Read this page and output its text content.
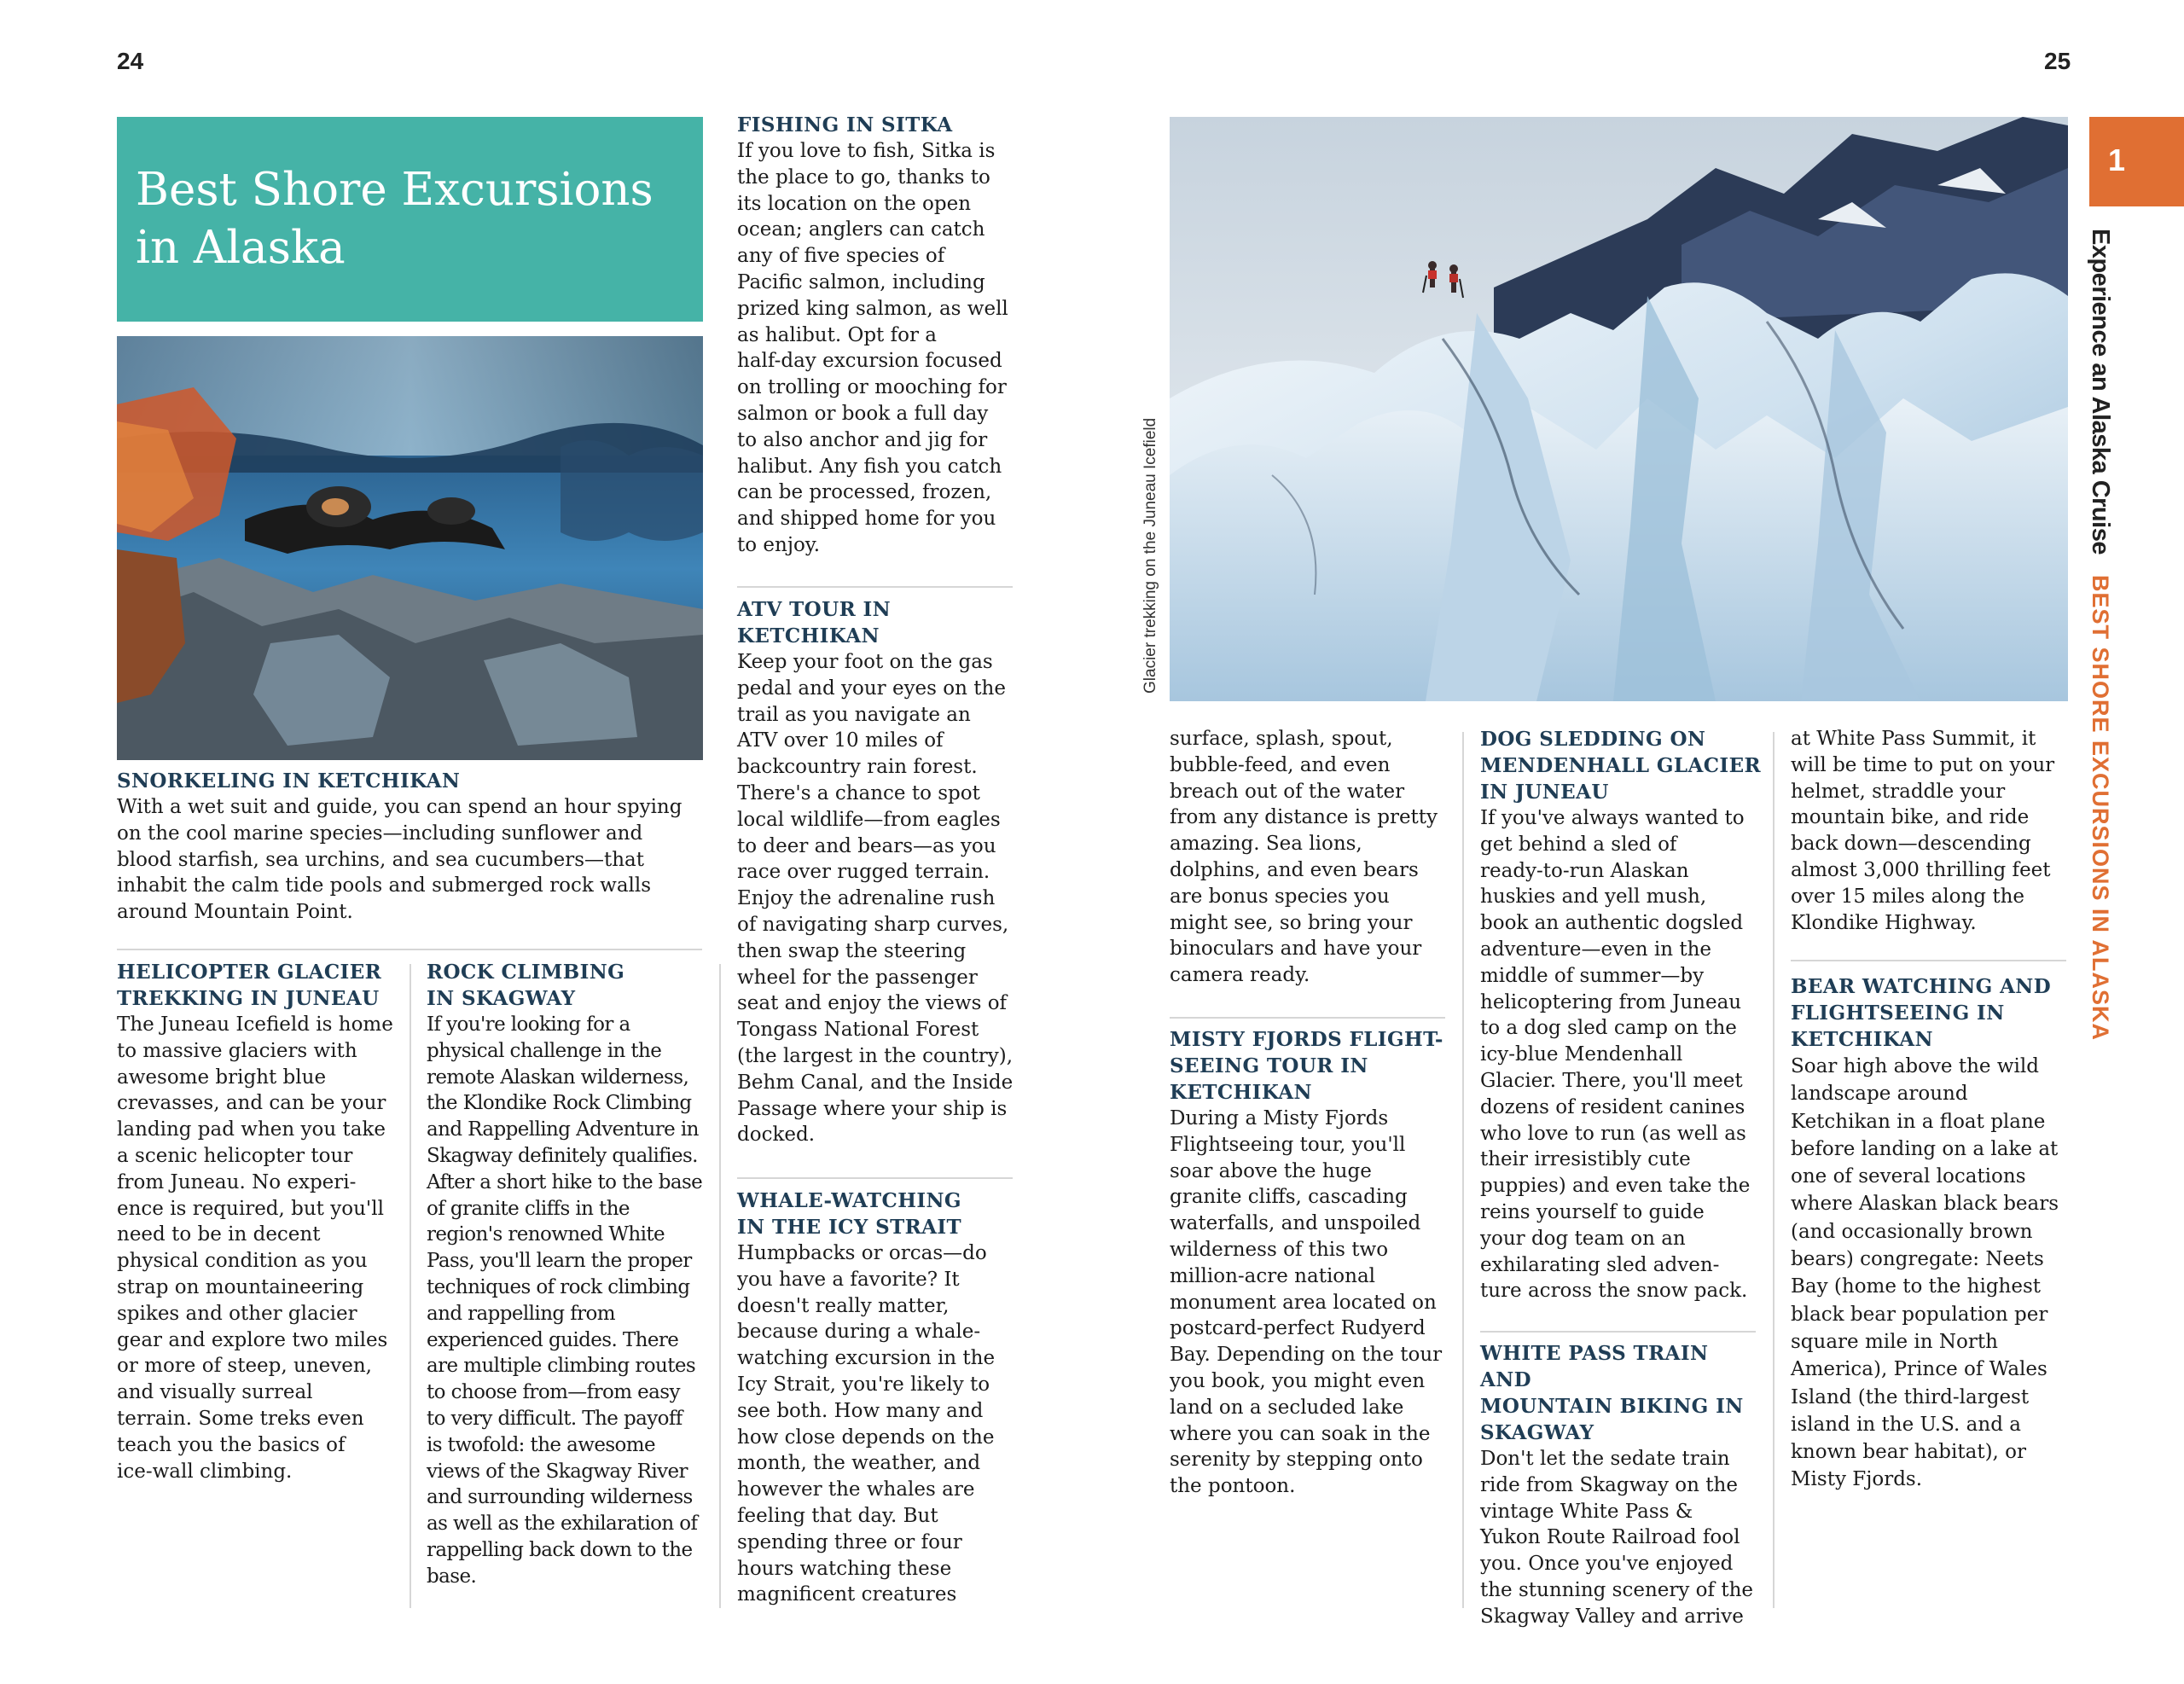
24	25
Best Shore Excursions
in Alaska
SNORKELING IN KETCHIKAN

With a wet suit and guide, you can spend an hour spying
on the cool marine species—including sunflower and
blood starfish, sea urchins, and sea cucumbers—that
inhabit the calm tide pools and submerged rock walls
around Mountain Point.

HELICOPTER GLACIER
TREKKING IN JUNEAU

The Juneau Icefield is home
to massive glaciers with
awesome bright blue
crevasses, and can be your
landing pad when you take
a scenic helicopter tour
from Juneau. No experi-
ence is required, but you'll
need to be in decent
physical condition as you
strap on mountaineering
spikes and other glacier
gear and explore two miles
or more of steep, uneven,
and visually surreal
terrain. Some treks even
teach you the basics of
ice-wall climbing.

ROCK CLIMBING
IN SKAGWAY

If you're looking for a
physical challenge in the
remote Alaskan wilderness,
the Klondike Rock Climbing
and Rappelling Adventure in
Skagway definitely qualifies.
After a short hike to the base
of granite cliffs in the
region's renowned White
Pass, you'll learn the proper
techniques of rock climbing
and rappelling from
experienced guides. There
are multiple climbing routes
to choose from—from easy
to very difficult. The payoff
is twofold: the awesome
views of the Skagway River
and surrounding wilderness
as well as the exhilaration of
rappelling back down to the
base.

FISHING IN SITKA

If you love to fish, Sitka is
the place to go, thanks to
its location on the open
ocean; anglers can catch
any of five species of
Pacific salmon, including
prized king salmon, as well
as halibut. Opt for a
half-day excursion focused
on trolling or mooching for
salmon or book a full day
to also anchor and jig for
halibut. Any fish you catch
can be processed, frozen,
and shipped home for you
to enjoy.

ATV TOUR IN
KETCHIKAN

Keep your foot on the gas
pedal and your eyes on the
trail as you navigate an
ATV over 10 miles of
backcountry rain forest.
There's a chance to spot
local wildlife—from eagles
to deer and bears—as you
race over rugged terrain.
Enjoy the adrenaline rush
of navigating sharp curves,
then swap the steering
wheel for the passenger
seat and enjoy the views of
Tongass National Forest
(the largest in the country),
Behm Canal, and the Inside
Passage where your ship is
docked.

WHALE-WATCHING
IN THE ICY STRAIT

Humpbacks or orcas—do
you have a favorite? It
doesn't really matter,
because during a whale-
watching excursion in the
Icy Strait, you're likely to
see both. How many and
how close depends on the
month, the weather, and
however the whales are
feeling that day. But
spending three or four
hours watching these
magnificent creatures

Glacier trekking on the Juneau Icefield

surface, splash, spout,
bubble-feed, and even
breach out of the water
from any distance is pretty
amazing. Sea lions,
dolphins, and even bears
are bonus species you
might see, so bring your
binoculars and have your
camera ready.

MISTY FJORDS FLIGHT-
SEEING TOUR IN
KETCHIKAN

During a Misty Fjords
Flightseeing tour, you'll
soar above the huge
granite cliffs, cascading
waterfalls, and unspoiled
wilderness of this two
million-acre national
monument area located on
postcard-perfect Rudyerd
Bay. Depending on the tour
you book, you might even
land on a secluded lake
where you can soak in the
serenity by stepping onto
the pontoon.

DOG SLEDDING ON
MENDENHALL GLACIER
IN JUNEAU

If you've always wanted to
get behind a sled of
ready-to-run Alaskan
huskies and yell mush,
book an authentic dogsled
adventure—even in the
middle of summer—by
helicoptering from Juneau
to a dog sled camp on the
icy-blue Mendenhall
Glacier. There, you'll meet
dozens of resident canines
who love to run (as well as
their irresistibly cute
puppies) and even take the
reins yourself to guide
your dog team on an
exhilarating sled adven-
ture across the snow pack.

WHITE PASS TRAIN AND
MOUNTAIN BIKING IN
SKAGWAY

Don't let the sedate train
ride from Skagway on the
vintage White Pass &
Yukon Route Railroad fool
you. Once you've enjoyed
the stunning scenery of the
Skagway Valley and arrive

at White Pass Summit, it
will be time to put on your
helmet, straddle your
mountain bike, and ride
back down—descending
almost 3,000 thrilling feet
over 15 miles along the
Klondike Highway.

BEAR WATCHING AND
FLIGHTSEEING IN
KETCHIKAN

Soar high above the wild
landscape around
Ketchikan in a float plane
before landing on a lake at
one of several locations
where Alaskan black bears
(and occasionally brown
bears) congregate: Neets
Bay (home to the highest
black bear population per
square mile in North
America), Prince of Wales
Island (the third-largest
island in the U.S. and a
known bear habitat), or
Misty Fjords.

1
Experience an Alaska CruiseBEST SHORE EXCURSIONS IN ALASKA
